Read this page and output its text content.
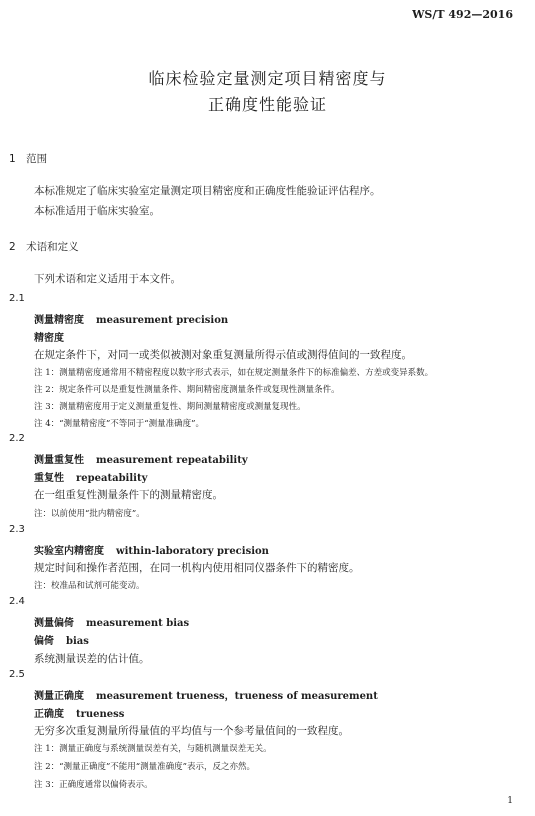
WS/T 492—2016
临床检验定量测定项目精密度与
正确度性能验证
1　范围
本标准规定了临床实验室定量测定项目精密度和正确度性能验证评估程序。
本标准适用于临床实验室。
2　术语和定义
下列术语和定义适用于本文件。
2.1
测量精密度 measurement precision
精密度
在规定条件下，对同一或类似被测对象重复测量所得示值或测得值间的一致程度。
注 1：测量精密度通常用不精密程度以数字形式表示，如在规定测量条件下的标准偏差、方差或变异系数。
注 2：规定条件可以是重复性测量条件、期间精密度测量条件或复现性测量条件。
注 3：测量精密度用于定义测量重复性、期间测量精密度或测量复现性。
注 4：“测量精密度”不等同于“测量准确度”。
2.2
测量重复性 measurement repeatability
重复性 repeatability
在一组重复性测量条件下的测量精密度。
注：以前使用“批内精密度”。
2.3
实验室内精密度 within-laboratory precision
规定时间和操作者范围，在同一机构内使用相同仪器条件下的精密度。
注：校准品和试剂可能变动。
2.4
测量偏倚 measurement bias
偏倚 bias
系统测量误差的估计值。
2.5
测量正确度 measurement trueness，trueness of measurement
正确度 trueness
无穷多次重复测量所得量值的平均值与一个参考量值间的一致程度。
注 1：测量正确度与系统测量误差有关，与随机测量误差无关。
注 2：“测量正确度”不能用“测量准确度”表示，反之亦然。
注 3：正确度通常以偏倚表示。
1
